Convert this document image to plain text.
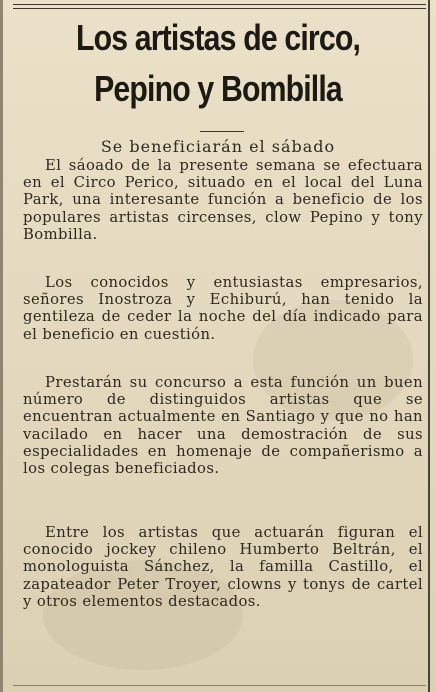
Los artistas de circo, Pepino y Bombilla
Se beneficiarán el sábado
El sáoado de la presente semana se efectuara en el Circo Perico, situado en el local del Luna Park, una interesante función a beneficio de los populares artistas circenses, clow Pepino y tony Bombilla.
Los conocidos y entusiastas empresarios, señores Inostroza y Echiburú, han tenido la gentileza de ceder la noche del día indicado para el beneficio en cuestión.
Prestarán su concurso a esta función un buen número de distinguidos artistas que se encuentran actualmente en Santiago y que no han vacilado en hacer una demostración de sus especialidades en homenaje de compañerismo a los colegas beneficiados.
Entre los artistas que actuarán figuran el conocido jockey chileno Humberto Beltrán, el monologuista Sánchez, la familla Castillo, el zapateador Peter Troyer, clowns y tonys de cartel y otros elementos destacados.
